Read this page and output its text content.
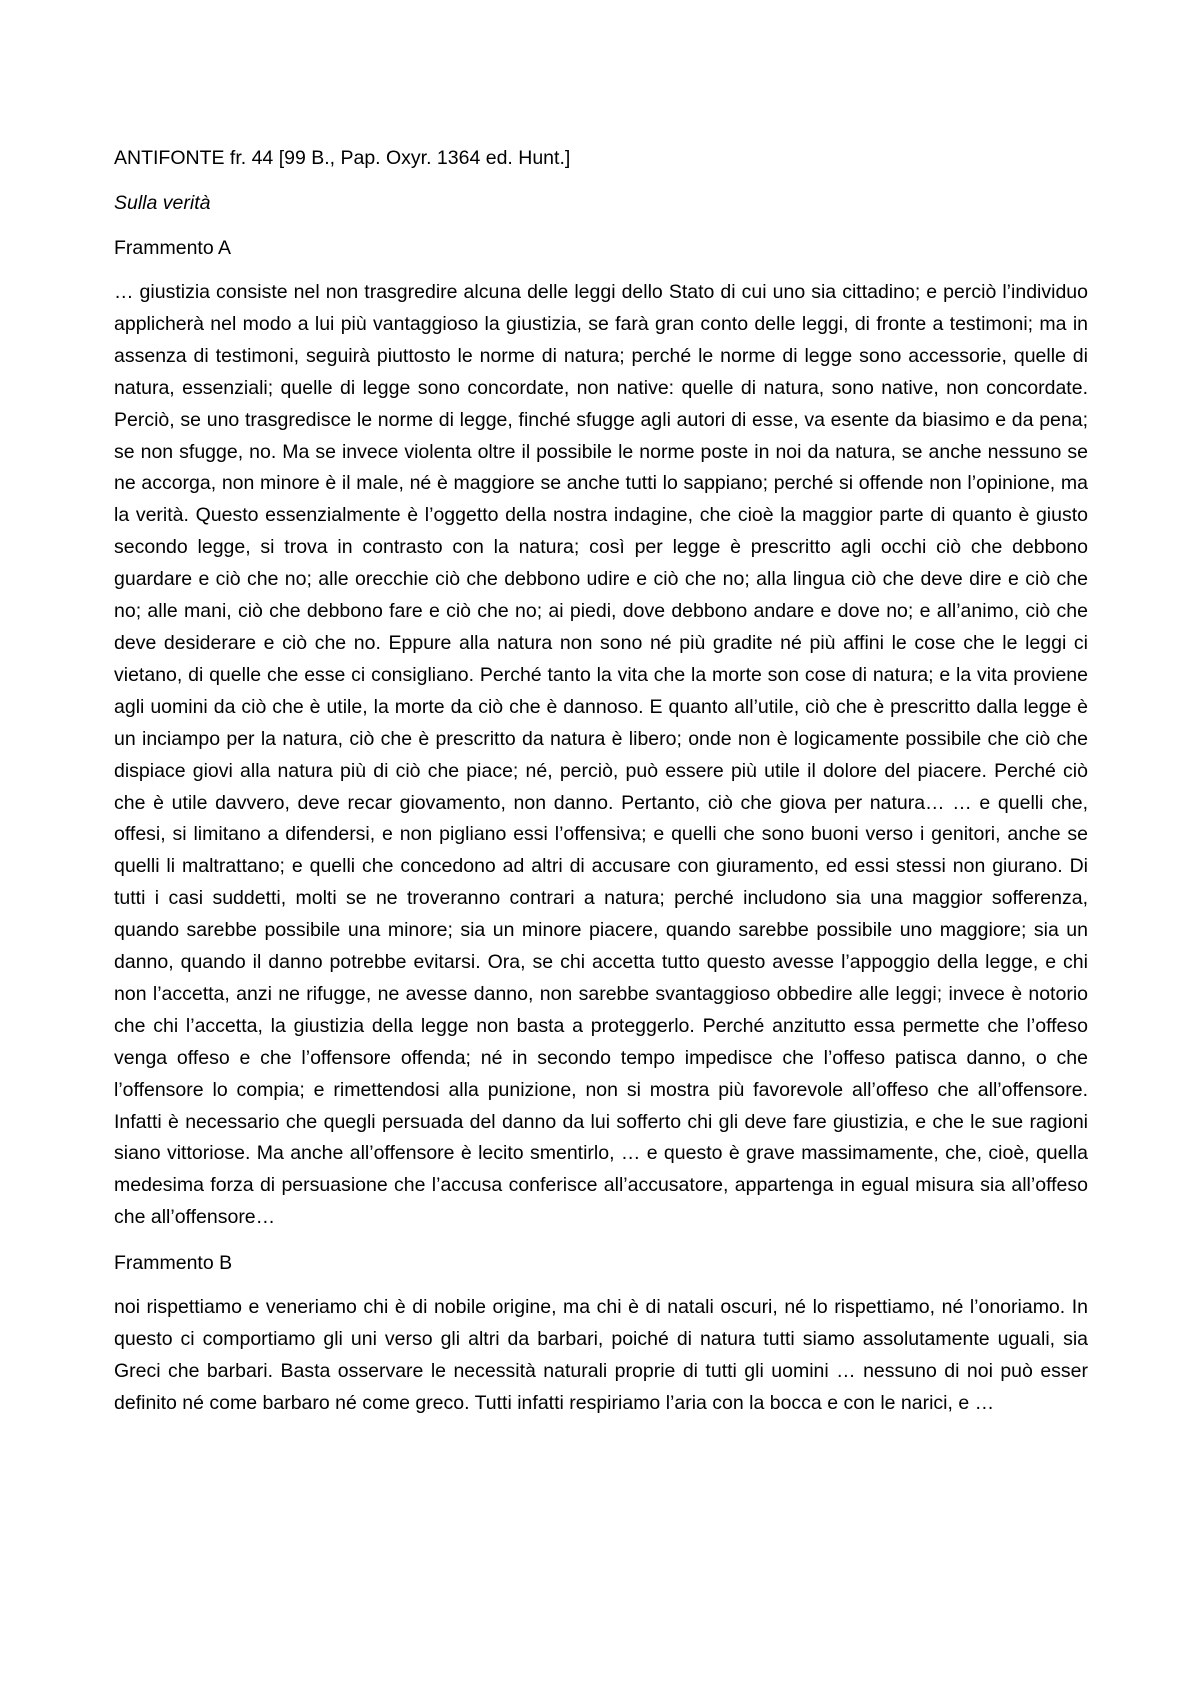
ANTIFONTE fr. 44 [99 B., Pap. Oxyr. 1364 ed. Hunt.]

Sulla verità

Frammento A

… giustizia consiste nel non trasgredire alcuna delle leggi dello Stato di cui uno sia cittadino; e perciò l’individuo applicherà nel modo a lui più vantaggioso la giustizia, se farà gran conto delle leggi, di fronte a testimoni; ma in assenza di testimoni, seguirà piuttosto le norme di natura; perché le norme di legge sono accessorie, quelle di natura, essenziali; quelle di legge sono concordate, non native: quelle di natura, sono native, non concordate. Perciò, se uno trasgredisce le norme di legge, finché sfugge agli autori di esse, va esente da biasimo e da pena; se non sfugge, no. Ma se invece violenta oltre il possibile le norme poste in noi da natura, se anche nessuno se ne accorga, non minore è il male, né è maggiore se anche tutti lo sappiano; perché si offende non l’opinione, ma la verità. Questo essenzialmente è l’oggetto della nostra indagine, che cioè la maggior parte di quanto è giusto secondo legge, si trova in contrasto con la natura; così per legge è prescritto agli occhi ciò che debbono guardare e ciò che no; alle orecchie ciò che debbono udire e ciò che no; alla lingua ciò che deve dire e ciò che no; alle mani, ciò che debbono fare e ciò che no; ai piedi, dove debbono andare e dove no; e all’animo, ciò che deve desiderare e ciò che no. Eppure alla natura non sono né più gradite né più affini le cose che le leggi ci vietano, di quelle che esse ci consigliano. Perché tanto la vita che la morte son cose di natura; e la vita proviene agli uomini da ciò che è utile, la morte da ciò che è dannoso. E quanto all’utile, ciò che è prescritto dalla legge è un inciampo per la natura, ciò che è prescritto da natura è libero; onde non è logicamente possibile che ciò che dispiace giovi alla natura più di ciò che piace; né, perciò, può essere più utile il dolore del piacere. Perché ciò che è utile davvero, deve recar giovamento, non danno. Pertanto, ciò che giova per natura… … e quelli che, offesi, si limitano a difendersi, e non pigliano essi l’offensiva; e quelli che sono buoni verso i genitori, anche se quelli li maltrattano; e quelli che concedono ad altri di accusare con giuramento, ed essi stessi non giurano. Di tutti i casi suddetti, molti se ne troveranno contrari a natura; perché includono sia una maggior sofferenza, quando sarebbe possibile una minore; sia un minore piacere, quando sarebbe possibile uno maggiore; sia un danno, quando il danno potrebbe evitarsi. Ora, se chi accetta tutto questo avesse l’appoggio della legge, e chi non l’accetta, anzi ne rifugge, ne avesse danno, non sarebbe svantaggioso obbedire alle leggi; invece è notorio che chi l’accetta, la giustizia della legge non basta a proteggerlo. Perché anzitutto essa permette che l’offeso venga offeso e che l’offensore offenda; né in secondo tempo impedisce che l’offeso patisca danno, o che l’offensore lo compia; e rimettendosi alla punizione, non si mostra più favorevole all’offeso che all’offensore. Infatti è necessario che quegli persuada del danno da lui sofferto chi gli deve fare giustizia, e che le sue ragioni siano vittoriose. Ma anche all’offensore è lecito smentirlo, … e questo è grave massimamente, che, cioè, quella medesima forza di persuasione che l’accusa conferisce all’accusatore, appartenga in egual misura sia all’offeso che all’offensore…

Frammento B

noi rispettiamo e veneriamo chi è di nobile origine, ma chi è di natali oscuri, né lo rispettiamo, né l’onoriamo. In questo ci comportiamo gli uni verso gli altri da barbari, poiché di natura tutti siamo assolutamente uguali, sia Greci che barbari. Basta osservare le necessità naturali proprie di tutti gli uomini … nessuno di noi può esser definito né come barbaro né come greco. Tutti infatti respiriamo l’aria con la bocca e con le narici, e …
